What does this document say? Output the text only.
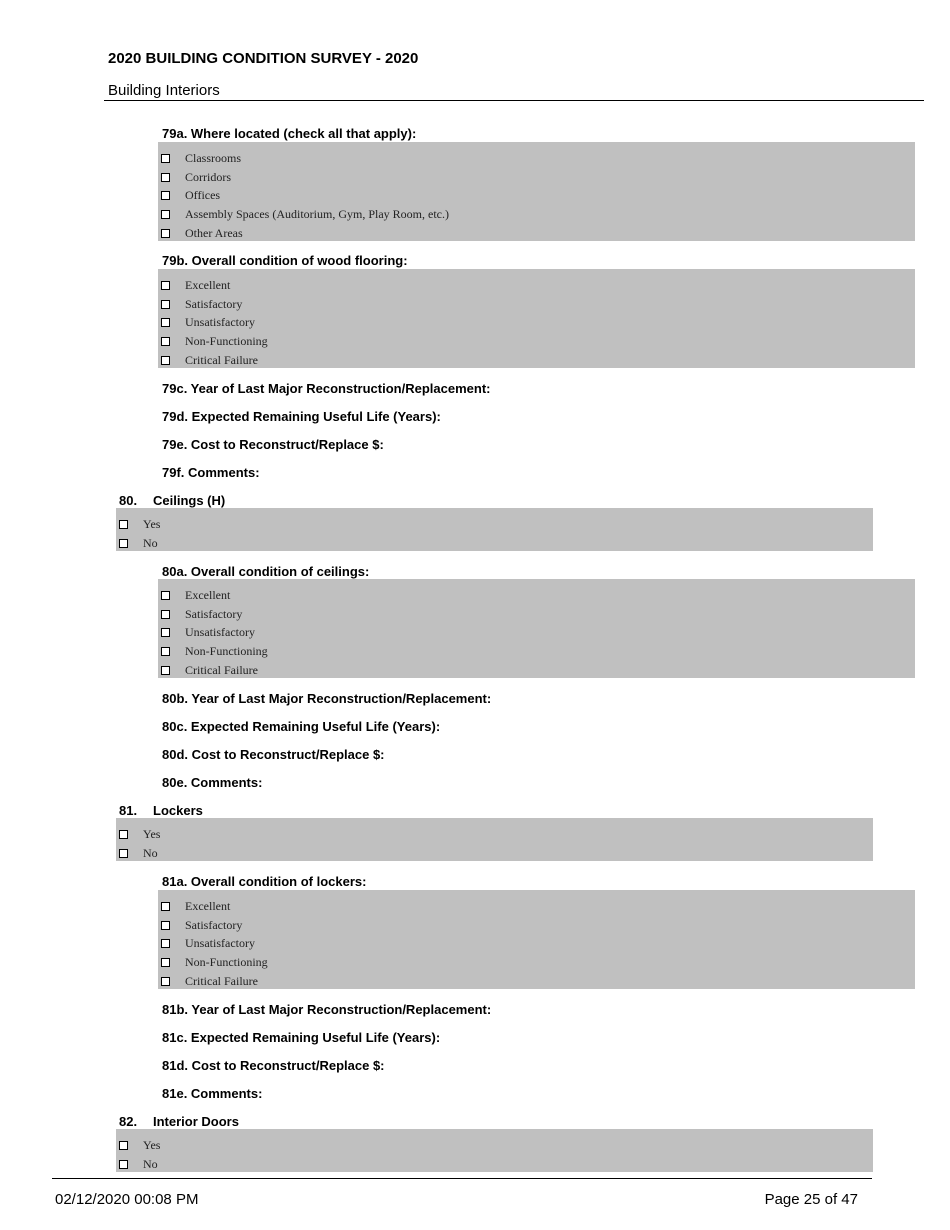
2020 BUILDING CONDITION SURVEY - 2020
Building Interiors
79a. Where located (check all that apply):
Classrooms
Corridors
Offices
Assembly Spaces (Auditorium, Gym, Play Room, etc.)
Other Areas
79b. Overall condition of wood flooring:
Excellent
Satisfactory
Unsatisfactory
Non-Functioning
Critical Failure
79c. Year of Last Major Reconstruction/Replacement:
79d. Expected Remaining Useful Life (Years):
79e. Cost to Reconstruct/Replace $:
79f. Comments:
80. Ceilings (H)
Yes
No
80a. Overall condition of ceilings:
Excellent
Satisfactory
Unsatisfactory
Non-Functioning
Critical Failure
80b. Year of Last Major Reconstruction/Replacement:
80c. Expected Remaining Useful Life (Years):
80d. Cost to Reconstruct/Replace $:
80e. Comments:
81. Lockers
Yes
No
81a. Overall condition of lockers:
Excellent
Satisfactory
Unsatisfactory
Non-Functioning
Critical Failure
81b. Year of Last Major Reconstruction/Replacement:
81c. Expected Remaining Useful Life (Years):
81d. Cost to Reconstruct/Replace $:
81e. Comments:
82. Interior Doors
Yes
No
02/12/2020 00:08 PM	Page 25 of 47
